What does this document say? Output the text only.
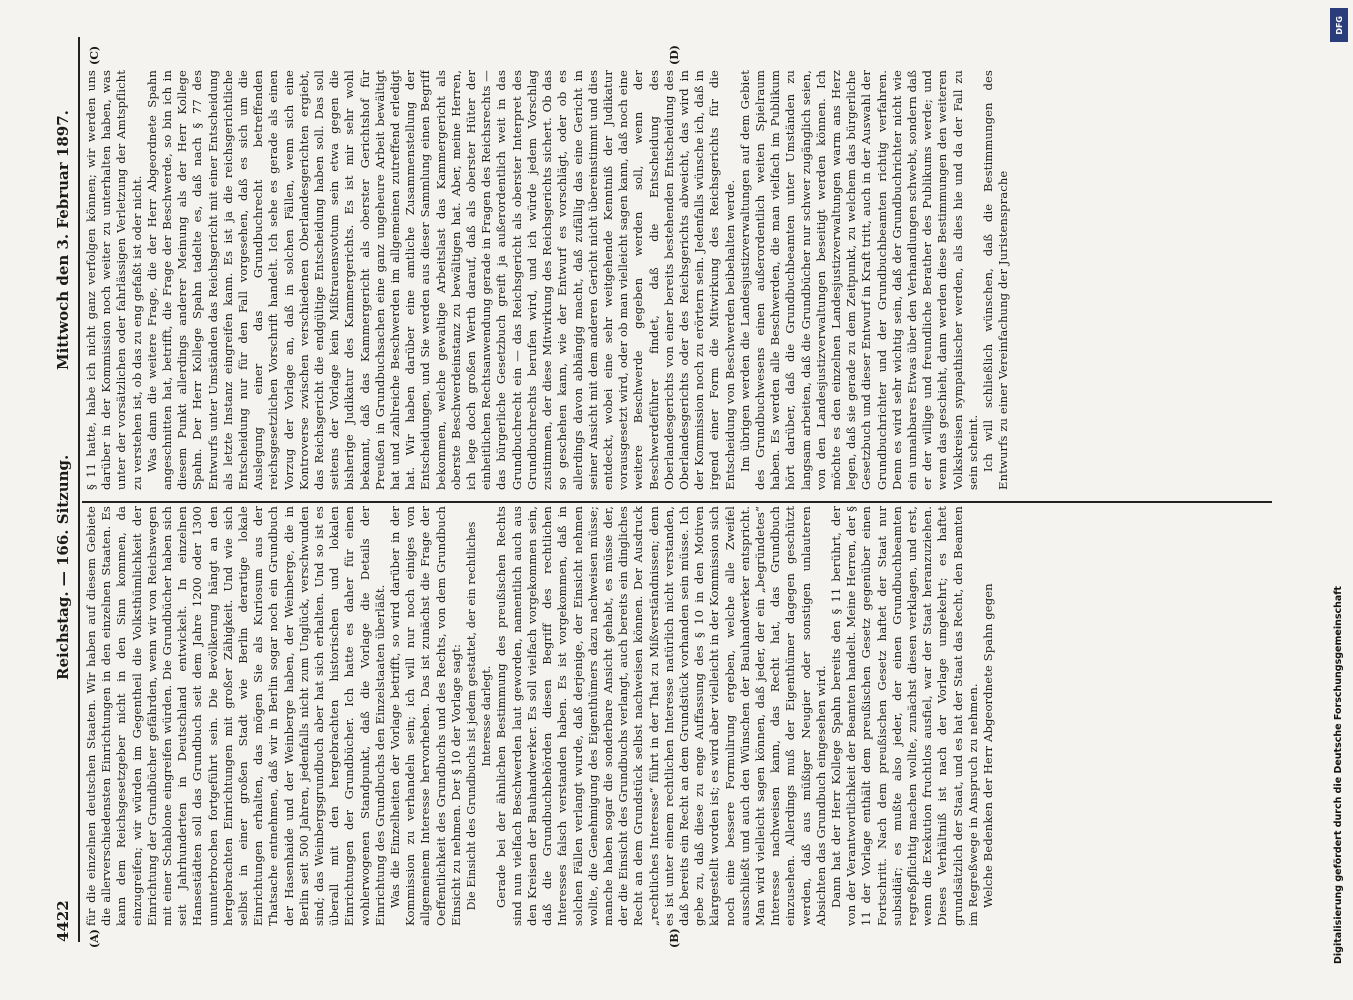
4422
Reichstag. — 166. Sitzung.
Mittwoch den 3. Februar 1897.
(A)	(B)
(C)	(D)

für die einzelnen deutschen Staaten. Wir haben auf diesem Gebiete die allerverschiedensten Einrichtungen in den einzelnen Staaten. Es kann dem Reichsgesetzgeber nicht in den Sinn kommen, da einzugreifen; wir würden im Gegentheil die Volksthümlichkeit der Einrichtung der Grundbücher gefährden, wenn wir von Reichswegen mit einer Schablone eingreifen würden. Die Grundbücher haben sich seit Jahrhunderten in Deutschland entwickelt. In einzelnen Hansestädten soll das Grundbuch seit dem Jahre 1200 oder 1300 ununterbrochen fortgeführt sein. Die Bevölkerung hängt an den hergebrachten Einrichtungen mit großer Zähigkeit. Und wie sich selbst in einer großen Stadt wie Berlin derartige lokale Einrichtungen erhalten, das mögen Sie als Kuriosum aus der Thatsache entnehmen, daß wir in Berlin sogar noch ein Grundbuch der Hasenhaide und der Weinberge haben, der Weinberge, die in Berlin seit 500 Jahren, jedenfalls nicht zum Unglück, verschwunden sind; das Weinbergsgrundbuch aber hat sich erhalten. Und so ist es überall mit den hergebrachten historischen und lokalen Einrichtungen der Grundbücher. Ich hatte es daher für einen wohlerwogenen Standpunkt, daß die Vorlage die Details der Einrichtung des Grundbuchs den Einzelstaaten überläßt. Was die Einzelheiten der Vorlage betrifft, so wird darüber in der Kommission zu verhandeln sein; ich will nur noch einiges von allgemeinem Interesse hervorheben. Das ist zunächst die Frage der Oeffentlichkeit des Grundbuchs und des Rechts, von dem Grundbuch Einsicht zu nehmen. Der § 10 der Vorlage sagt: Die Einsicht des Grundbuchs ist jedem gestattet, der ein rechtliches Interesse darlegt. Gerade bei der ähnlichen Bestimmung des preußischen Rechts sind nun vielfach Beschwerden laut geworden, namentlich auch aus den Kreisen der Bauhandwerker. Es soll vielfach vorgekommen sein, daß die Grundbuchbehörden diesen Begriff des rechtlichen Interesses falsch verstanden haben. Es ist vorgekommen, daß in solchen Fällen verlangt wurde, daß derjenige, der Einsicht nehmen wollte, die Genehmigung des Eigenthümers dazu nachweisen müsse; manche haben sogar die sonderbare Ansicht gehabt, es müsse der, der die Einsicht des Grundbuchs verlangt, auch bereits ein dingliches Recht an dem Grundstück selbst nachweisen können. Der Ausdruck „rechtliches Interesse“ führt in der That zu Mißverständnissen; denn es ist unter einem rechtlichen Interesse natürlich nicht verstanden, daß bereits ein Recht an dem Grundstück vorhanden sein müsse. Ich gebe zu, daß diese zu enge Auffassung des § 10 in den Motiven klargestellt worden ist; es wird aber vielleicht in der Kommission sich noch eine bessere Formulirung ergeben, welche alle Zweifel ausschließt und auch den Wünschen der Bauhandwerker entspricht. Man wird vielleicht sagen können, daß jeder, der ein „begründetes“ Interesse nachweisen kann, das Recht hat, das Grundbuch einzusehen. Allerdings muß der Eigenthümer dagegen geschützt werden, daß aus müßiger Neugier oder sonstigen unlauteren Absichten das Grundbuch eingesehen wird. Dann hat der Herr Kollege Spahn bereits den § 11 berührt, der von der Verantwortlichkeit der Beamten handelt. Meine Herren, der § 11 der Vorlage enthält dem preußischen Gesetz gegenüber einen Fortschritt. Nach dem preußischen Gesetz haftet der Staat nur subsidiär; es mußte also jeder, der einen Grundbuchbeamten regreßpflichtig machen wollte, zunächst diesen verklagen, und erst, wenn die Exekution fruchtlos ausfiel, war der Staat heranzuziehen. Dieses Verhältniß ist nach der Vorlage umgekehrt; es haftet grundsätzlich der Staat, und es hat der Staat das Recht, den Beamten im Regreßwege in Anspruch zu nehmen. Welche Bedenken der Herr Abgeordnete Spahn gegen

§ 11 hatte, habe ich nicht ganz verfolgen können; wir werden uns darüber in der Kommission noch weiter zu unterhalten haben, was unter der vorsätzlichen oder fahrlässigen Verletzung der Amtspflicht zu verstehen ist, ob das zu eng gefaßt ist oder nicht. Was dann die weitere Frage, die der Herr Abgeordnete Spahn angeschnitten hat, betrifft, die Frage der Beschwerde, so bin ich in diesem Punkt allerdings anderer Meinung als der Herr Kollege Spahn. Der Herr Kollege Spahn tadelte es, daß nach § 77 des Entwurfs unter Umständen das Reichsgericht mit einer Entscheidung als letzte Instanz eingreifen kann. Es ist ja die reichsgerichtliche Entscheidung nur für den Fall vorgesehen, daß es sich um die Auslegung einer das Grundbuchrecht betreffenden reichsgesetzlichen Vorschrift handelt. Ich sehe es gerade als einen Vorzug der Vorlage an, daß in solchen Fällen, wenn sich eine Kontroverse zwischen verschiedenen Oberlandesgerichten ergiebt, das Reichsgericht die endgültige Entscheidung haben soll. Das soll seitens der Vorlage kein Mißtrauensvotum sein etwa gegen die bisherige Judikatur des Kammergerichts. Es ist mir sehr wohl bekannt, daß das Kammergericht als oberster Gerichtshof für Preußen in Grundbuchsachen eine ganz ungeheure Arbeit bewältigt hat und zahlreiche Beschwerden im allgemeinen zutreffend erledigt hat. Wir haben darüber eine amtliche Zusammenstellung der Entscheidungen, und Sie werden aus dieser Sammlung einen Begriff bekommen, welche gewaltige Arbeitslast das Kammergericht als oberste Beschwerdeinstanz zu bewältigen hat. Aber, meine Herren, ich lege doch großen Werth darauf, daß als oberster Hüter der einheitlichen Rechtsanwendung gerade in Fragen des Reichsrechts — das bürgerliche Gesetzbuch greift ja außerordentlich weit in das Grundbuchrecht ein — das Reichsgericht als oberster Interpret des Grundbuchrechts berufen wird, und ich würde jedem Vorschlag zustimmen, der diese Mitwirkung des Reichsgerichts sichert. Ob das so geschehen kann, wie der Entwurf es vorschlägt, oder ob es allerdings davon abhängig macht, daß zufällig das eine Gericht in seiner Ansicht mit dem anderen Gericht nicht übereinstimmt und dies entdeckt, wobei eine sehr weitgehende Kenntniß der Judikatur vorausgesetzt wird, oder ob man vielleicht sagen kann, daß noch eine weitere Beschwerde gegeben werden soll, wenn der Beschwerdeführer findet, daß die Entscheidung des Oberlandesgerichts von einer bereits bestehenden Entscheidung des Oberlandesgerichts oder des Reichsgerichts abweicht, das wird in der Kommission noch zu erörtern sein. Jedenfalls wünsche ich, daß in irgend einer Form die Mitwirkung des Reichsgerichts für die Entscheidung von Beschwerden beibehalten werde. Im übrigen werden die Landesjustizverwaltungen auf dem Gebiet des Grundbuchwesens einen außerordentlich weiten Spielraum haben. Es werden alle Beschwerden, die man vielfach im Publikum hört darüber, daß die Grundbuchbeamten unter Umständen zu langsam arbeiten, daß die Grundbücher nur schwer zugänglich seien, von den Landesjustizverwaltungen beseitigt werden können. Ich möchte es den einzelnen Landesjustizverwaltungen warm ans Herz legen, daß sie gerade zu dem Zeitpunkt, zu welchem das bürgerliche Gesetzbuch und dieser Entwurf in Kraft tritt, auch in der Auswahl der Grundbuchrichter und der Grundbuchbeamten richtig verfahren. Denn es wird sehr wichtig sein, daß der Grundbuchrichter nicht wie ein unnahbares Etwas über den Verhandlungen schwebt, sondern daß er der willige und freundliche Berather des Publikums werde; und wenn das geschieht, dann werden diese Bestimmungen den weiteren Volkskreisen sympathischer werden, als dies hie und da der Fall zu sein scheint. Ich will schließlich wünschen, daß die Bestimmungen des Entwurfs zu einer Vereinfachung der Juristensprache

DFG
Digitalisierung gefördert durch die Deutsche Forschungsgemeinschaft
